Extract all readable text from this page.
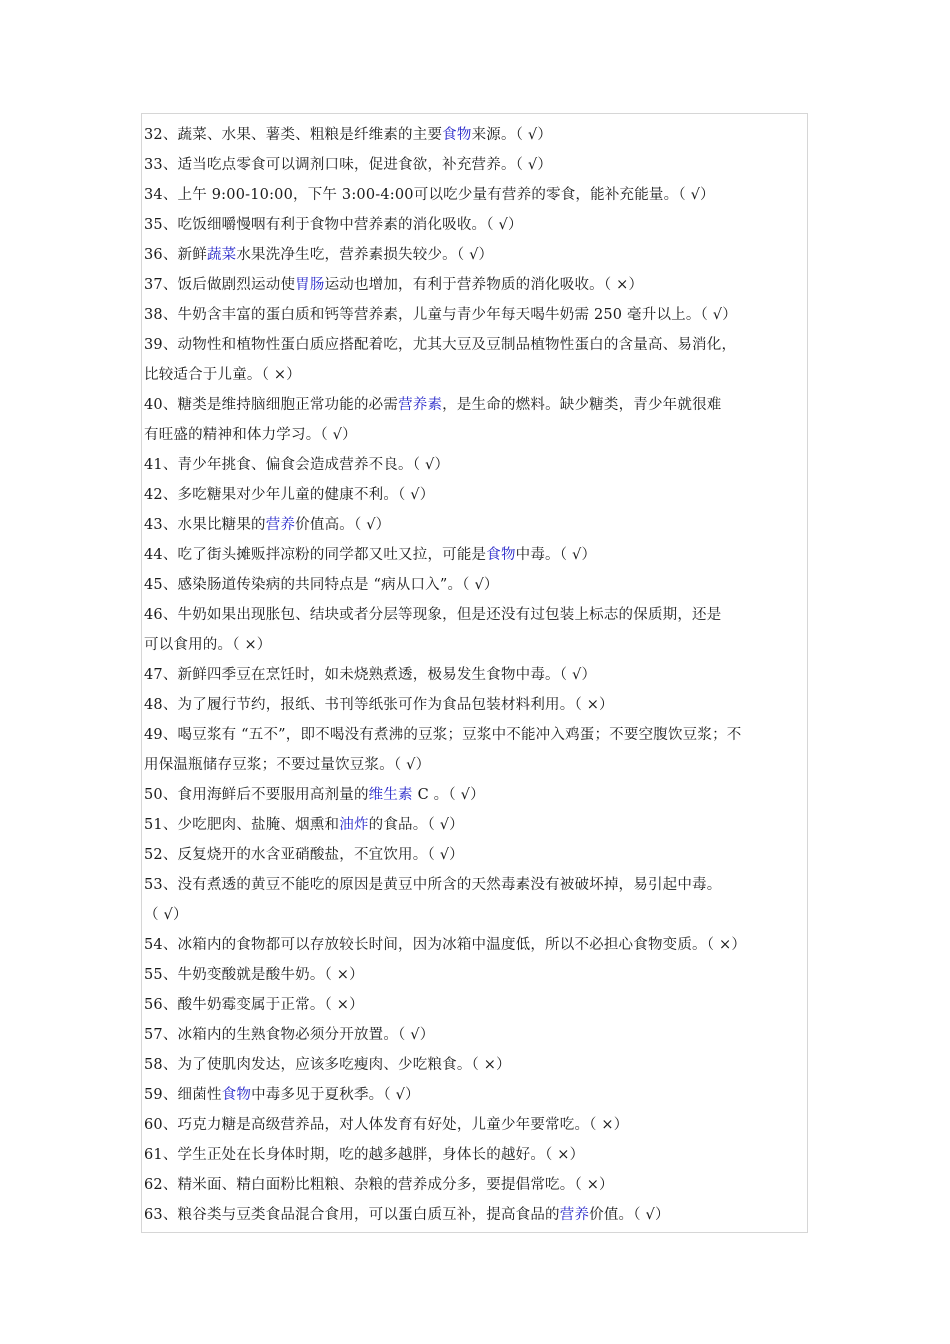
32、蔬菜、水果、薯类、粗粮是纤维素的主要食物来源。（ √）
33、适当吃点零食可以调剂口味，促进食欲，补充营养。（ √）
34、上午 9:00-10:00，下午 3:00-4:00可以吃少量有营养的零食，能补充能量。（ √）
35、吃饭细嚼慢咽有利于食物中营养素的消化吸收。（ √）
36、新鲜蔬菜水果洗净生吃，营养素损失较少。（ √）
37、饭后做剧烈运动使胃肠运动也增加，有利于营养物质的消化吸收。（ ×）
38、牛奶含丰富的蛋白质和钙等营养素，儿童与青少年每天喝牛奶需 250 毫升以上。（ √）
39、动物性和植物性蛋白质应搭配着吃，尤其大豆及豆制品植物性蛋白的含量高、易消化，
比较适合于儿童。（ ×）
40、糖类是维持脑细胞正常功能的必需营养素，是生命的燃料。缺少糖类，青少年就很难
有旺盛的精神和体力学习。（ √）
41、青少年挑食、偏食会造成营养不良。（ √）
42、多吃糖果对少年儿童的健康不利。（ √）
43、水果比糖果的营养价值高。（ √）
44、吃了街头摊贩拌凉粉的同学都又吐又拉，可能是食物中毒。（ √）
45、感染肠道传染病的共同特点是 “病从口入”。（ √）
46、牛奶如果出现胀包、结块或者分层等现象，但是还没有过包装上标志的保质期，还是
可以食用的。（ ×）
47、新鲜四季豆在烹饪时，如未烧熟煮透，极易发生食物中毒。（ √）
48、为了履行节约，报纸、书刊等纸张可作为食品包装材料利用。（ ×）
49、喝豆浆有 “五不”，即不喝没有煮沸的豆浆；豆浆中不能冲入鸡蛋；不要空腹饮豆浆；不
用保温瓶储存豆浆；不要过量饮豆浆。（ √）
50、食用海鲜后不要服用高剂量的维生素 C 。（ √）
51、少吃肥肉、盐腌、烟熏和油炸的食品。（ √）
52、反复烧开的水含亚硝酸盐，不宜饮用。（ √）
53、没有煮透的黄豆不能吃的原因是黄豆中所含的天然毒素没有被破坏掉，易引起中毒。
（ √）
54、冰箱内的食物都可以存放较长时间，因为冰箱中温度低，所以不必担心食物变质。（ ×）
55、牛奶变酸就是酸牛奶。（ ×）
56、酸牛奶霉变属于正常。（ ×）
57、冰箱内的生熟食物必须分开放置。（ √）
58、为了使肌肉发达，应该多吃瘦肉、少吃粮食。（ ×）
59、细菌性食物中毒多见于夏秋季。（ √）
60、巧克力糖是高级营养品，对人体发育有好处，儿童少年要常吃。（ ×）
61、学生正处在长身体时期，吃的越多越胖，身体长的越好。（ ×）
62、精米面、精白面粉比粗粮、杂粮的营养成分多，要提倡常吃。（ ×）
63、粮谷类与豆类食品混合食用，可以蛋白质互补，提高食品的营养价值。（ √）
